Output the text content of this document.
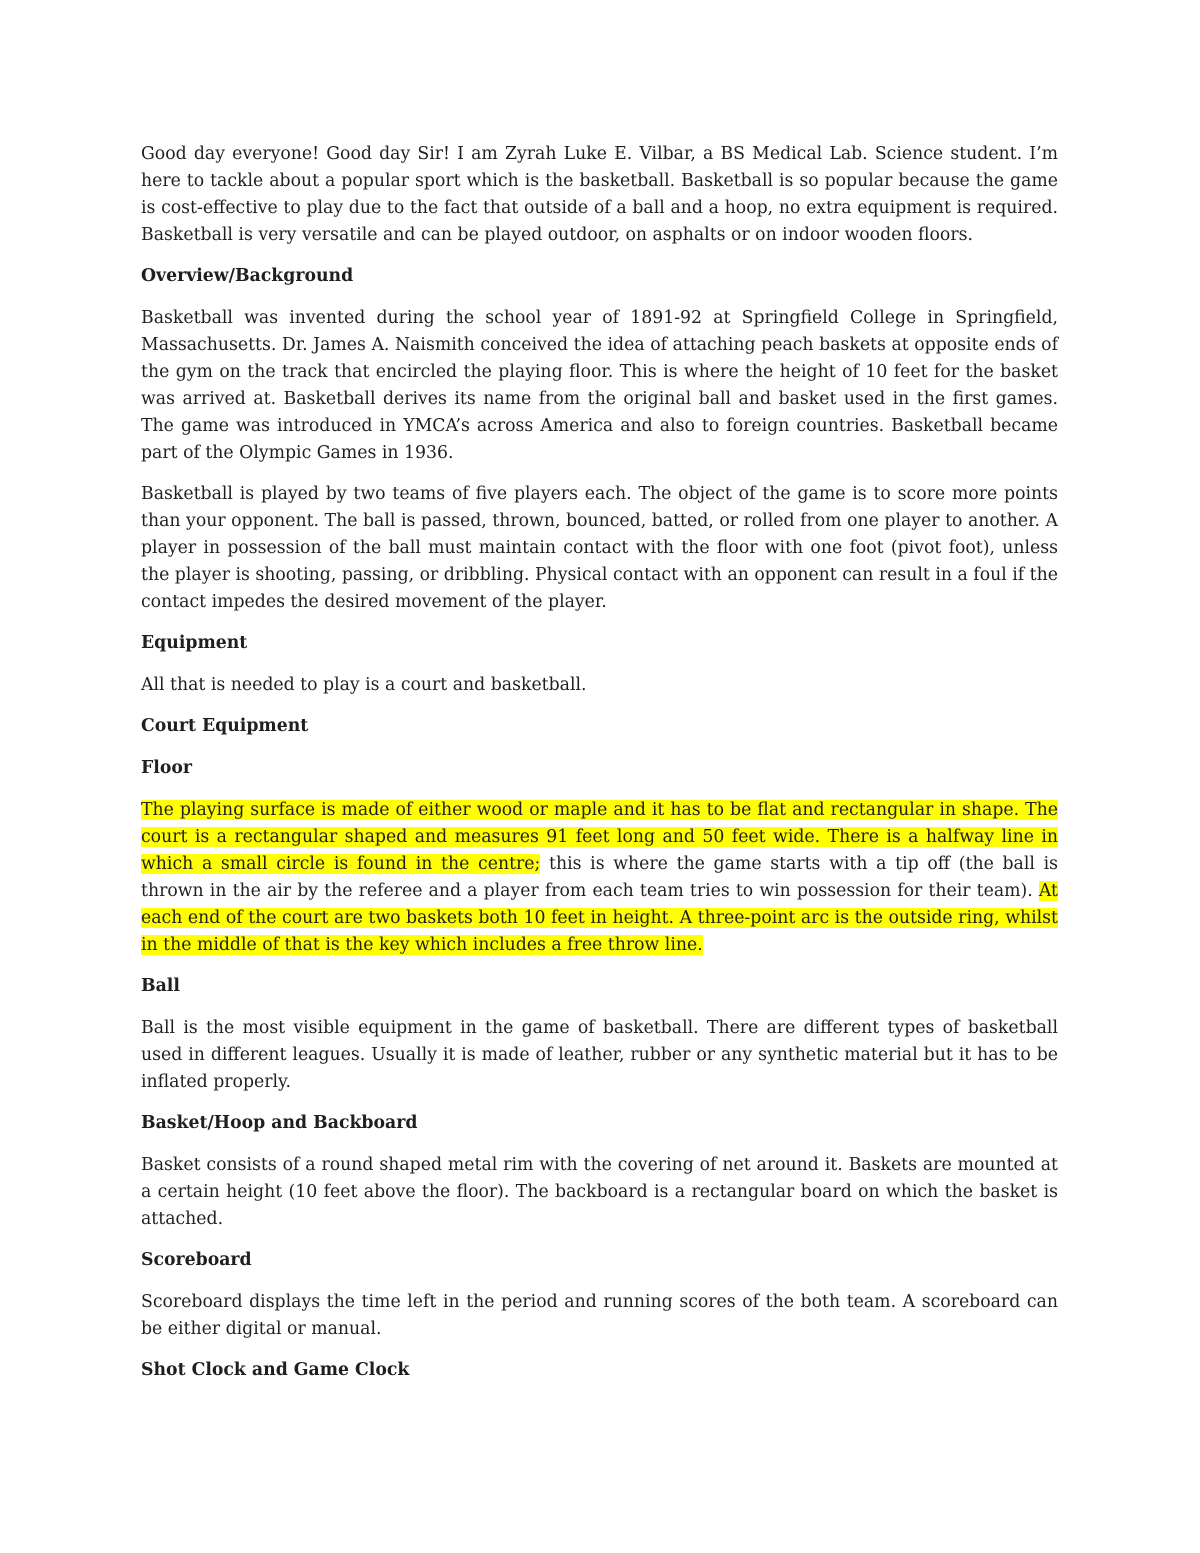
Good day everyone! Good day Sir! I am Zyrah Luke E. Vilbar, a BS Medical Lab. Science student. I’m here to tackle about a popular sport which is the basketball. Basketball is so popular because the game is cost-effective to play due to the fact that outside of a ball and a hoop, no extra equipment is required. Basketball is very versatile and can be played outdoor, on asphalts or on indoor wooden floors.

Overview/Background

Basketball was invented during the school year of 1891-92 at Springfield College in Springfield, Massachusetts. Dr. James A. Naismith conceived the idea of attaching peach baskets at opposite ends of the gym on the track that encircled the playing floor. This is where the height of 10 feet for the basket was arrived at. Basketball derives its name from the original ball and basket used in the first games. The game was introduced in YMCA’s across America and also to foreign countries. Basketball became part of the Olympic Games in 1936.

Basketball is played by two teams of five players each. The object of the game is to score more points than your opponent. The ball is passed, thrown, bounced, batted, or rolled from one player to another. A player in possession of the ball must maintain contact with the floor with one foot (pivot foot), unless the player is shooting, passing, or dribbling. Physical contact with an opponent can result in a foul if the contact impedes the desired movement of the player.

Equipment

All that is needed to play is a court and basketball.

Court Equipment

Floor

The playing surface is made of either wood or maple and it has to be flat and rectangular in shape. The court is a rectangular shaped and measures 91 feet long and 50 feet wide. There is a halfway line in which a small circle is found in the centre; this is where the game starts with a tip off (the ball is thrown in the air by the referee and a player from each team tries to win possession for their team). At each end of the court are two baskets both 10 feet in height. A three-point arc is the outside ring, whilst in the middle of that is the key which includes a free throw line.

Ball

Ball is the most visible equipment in the game of basketball. There are different types of basketball used in different leagues. Usually it is made of leather, rubber or any synthetic material but it has to be inflated properly.

Basket/Hoop and Backboard

Basket consists of a round shaped metal rim with the covering of net around it. Baskets are mounted at a certain height (10 feet above the floor). The backboard is a rectangular board on which the basket is attached.

Scoreboard

Scoreboard displays the time left in the period and running scores of the both team. A scoreboard can be either digital or manual.

Shot Clock and Game Clock
